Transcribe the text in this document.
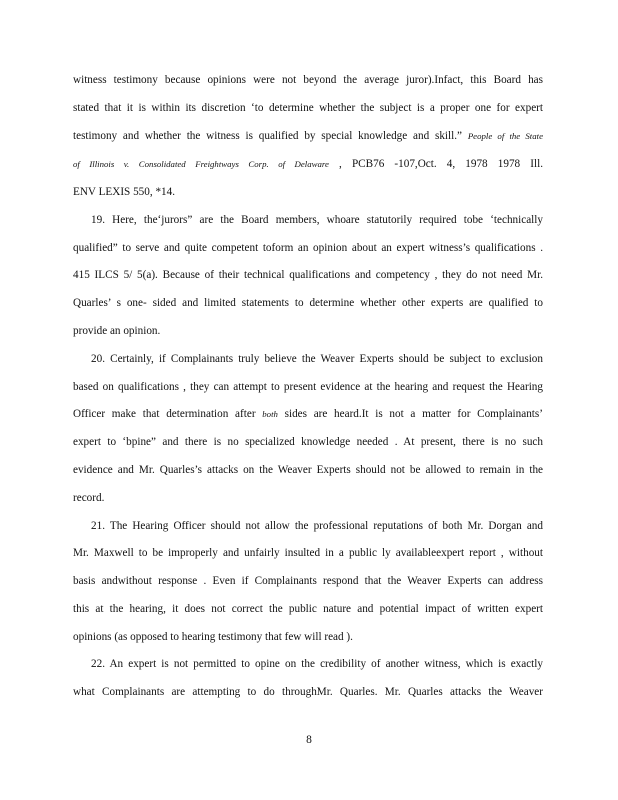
witness testimony because opinions were not beyond the average juror).Infact, this Board has
stated that it is within its discretion ‘to determine whether the subject is a proper one for expert
testimony and whether the witness is qualified by special knowledge and skill.” People of the State
of Illinois v. Consolidated Freightways Corp. of Delaware , PCB76 -107,Oct. 4, 1978 1978 Ill.
ENV LEXIS 550, *14.
19. Here, the‘jurors” are the Board members, whoare statutorily required tobe ‘technically
qualified” to serve and quite competent toform an opinion about an expert witness’s qualifications .
415 ILCS 5/ 5(a). Because of their technical qualifications and competency , they do not need Mr.
Quarles’ s one- sided and limited statements to determine whether other experts are qualified to
provide an opinion.
20. Certainly, if Complainants truly believe the Weaver Experts should be subject to exclusion
based on qualifications , they can attempt to present evidence at the hearing and request the Hearing
Officer make that determination after both sides are heard.It is not a matter for Complainants’
expert to ‘bpine” and there is no specialized knowledge needed . At present, there is no such
evidence and Mr. Quarles’s attacks on the Weaver Experts should not be allowed to remain in the
record.
21. The Hearing Officer should not allow the professional reputations of both Mr. Dorgan and
Mr. Maxwell to be improperly and unfairly insulted in a public ly availableexpert report , without
basis andwithout response . Even if Complainants respond that the Weaver Experts can address
this at the hearing, it does not correct the public nature and potential impact of written expert
opinions (as opposed to hearing testimony that few will read ).
22. An expert is not permitted to opine on the credibility of another witness, which is exactly
what Complainants are attempting to do throughMr. Quarles. Mr. Quarles attacks the Weaver
8
